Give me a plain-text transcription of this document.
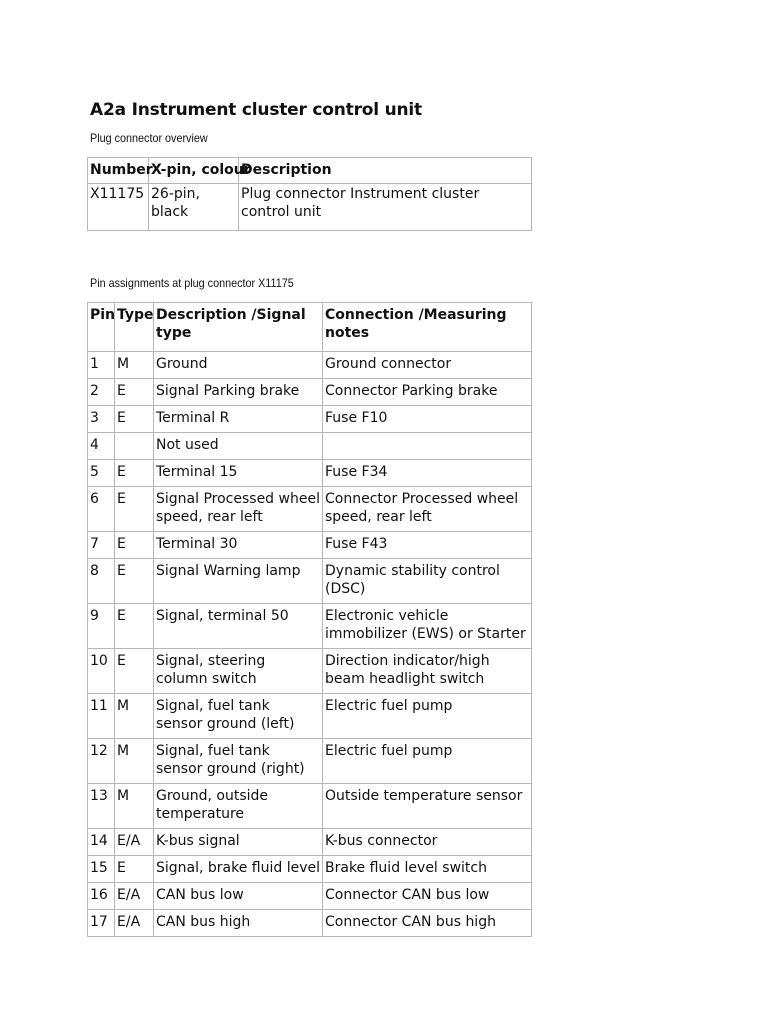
A2a Instrument cluster control unit
Plug connector overview
Number	X-pin, colour	Description
X11175	26-pin, black	Plug connector Instrument cluster control unit
Pin assignments at plug connector X11175
Pin	Type	Description /Signal type	Connection /Measuring notes
1	M	Ground	Ground connector
2	E	Signal Parking brake	Connector Parking brake
3	E	Terminal R	Fuse F10
4		Not used	
5	E	Terminal 15	Fuse F34
6	E	Signal Processed wheel speed, rear left	Connector Processed wheel speed, rear left
7	E	Terminal 30	Fuse F43
8	E	Signal Warning lamp	Dynamic stability control (DSC)
9	E	Signal, terminal 50	Electronic vehicle immobilizer (EWS) or Starter
10	E	Signal, steering column switch	Direction indicator/high beam headlight switch
11	M	Signal, fuel tank sensor ground (left)	Electric fuel pump
12	M	Signal, fuel tank sensor ground (right)	Electric fuel pump
13	M	Ground, outside temperature	Outside temperature sensor
14	E/A	K-bus signal	K-bus connector
15	E	Signal, brake fluid level	Brake fluid level switch
16	E/A	CAN bus low	Connector CAN bus low
17	E/A	CAN bus high	Connector CAN bus high
